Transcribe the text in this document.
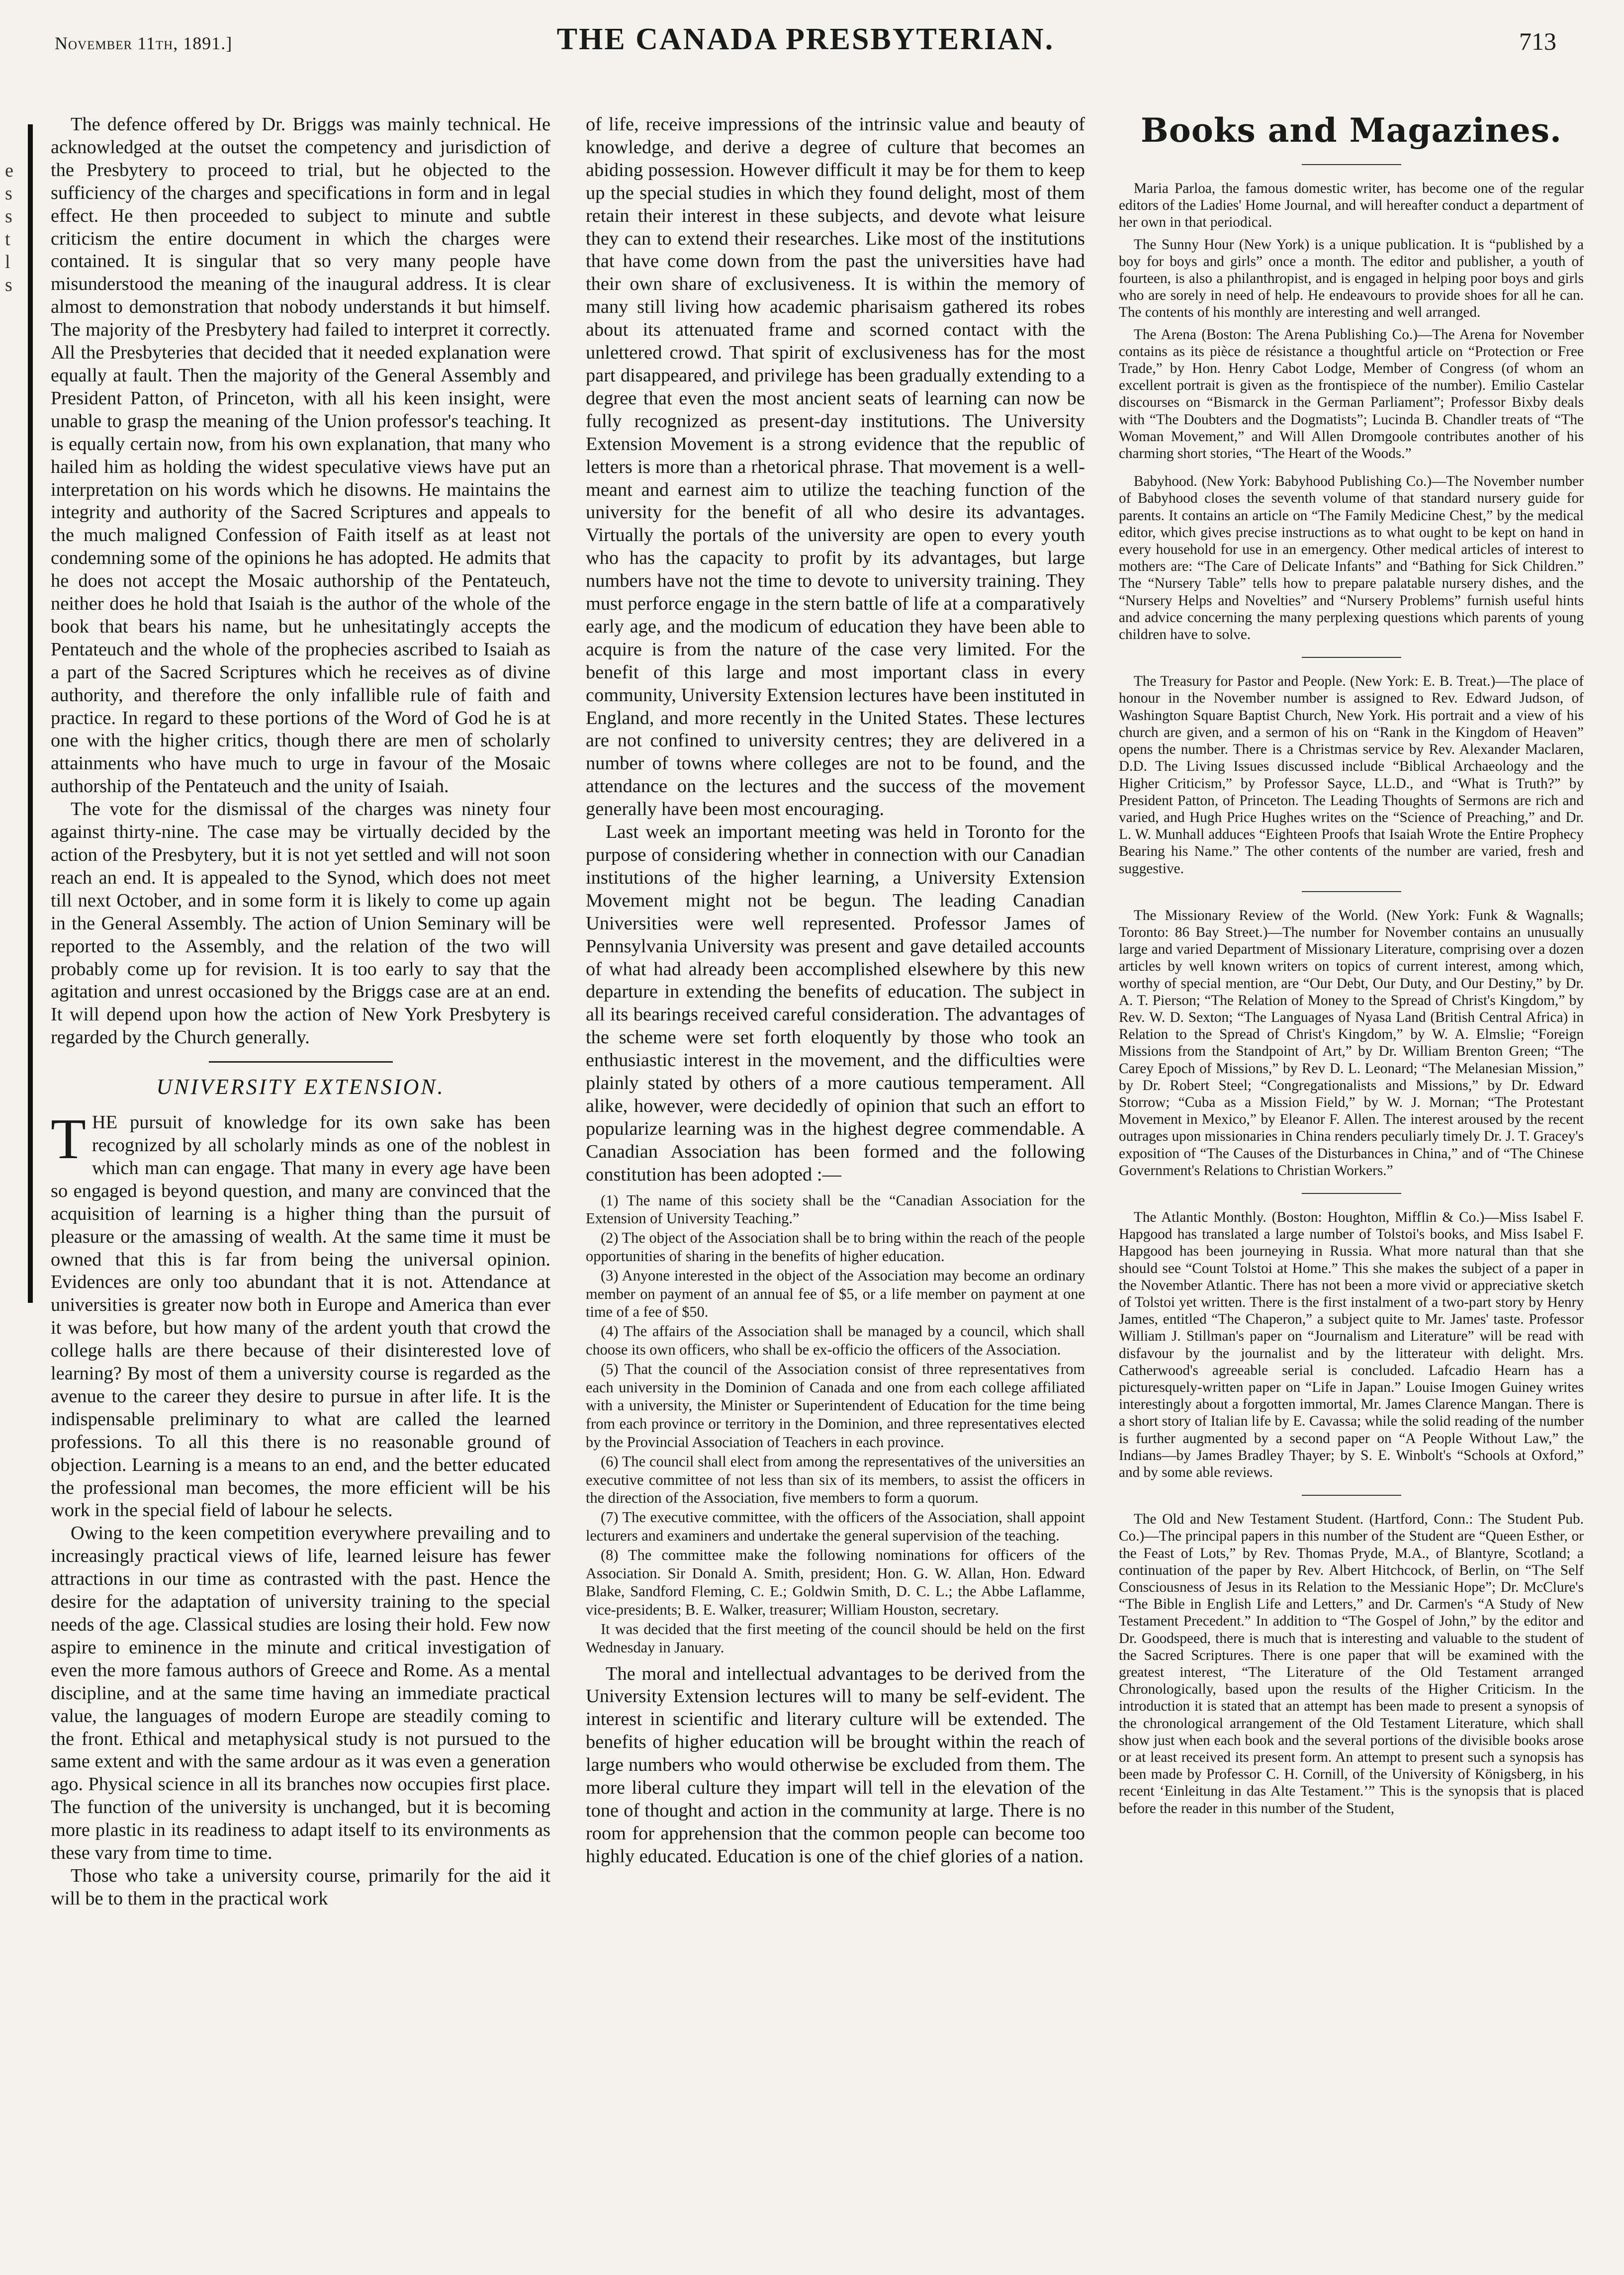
November 11th, 1891.]	THE CANADA PRESBYTERIAN.	713
e
s
s
t
l
s

The defence offered by Dr. Briggs was mainly technical. He acknowledged at the outset the competency and jurisdiction of the Presbytery to proceed to trial, but he objected to the sufficiency of the charges and specifications in form and in legal effect. He then proceeded to subject to minute and subtle criticism the entire document in which the charges were contained. It is singular that so very many people have misunderstood the meaning of the inaugural address. It is clear almost to demonstration that nobody understands it but himself. The majority of the Presbytery had failed to interpret it correctly. All the Presbyteries that decided that it needed explanation were equally at fault. Then the majority of the General Assembly and President Patton, of Princeton, with all his keen insight, were unable to grasp the meaning of the Union professor's teaching. It is equally certain now, from his own explanation, that many who hailed him as holding the widest speculative views have put an interpretation on his words which he disowns. He maintains the integrity and authority of the Sacred Scriptures and appeals to the much maligned Confession of Faith itself as at least not condemning some of the opinions he has adopted. He admits that he does not accept the Mosaic authorship of the Pentateuch, neither does he hold that Isaiah is the author of the whole of the book that bears his name, but he unhesitatingly accepts the Pentateuch and the whole of the prophecies ascribed to Isaiah as a part of the Sacred Scriptures which he receives as of divine authority, and therefore the only infallible rule of faith and practice. In regard to these portions of the Word of God he is at one with the higher critics, though there are men of scholarly attainments who have much to urge in favour of the Mosaic authorship of the Pentateuch and the unity of Isaiah.

The vote for the dismissal of the charges was ninety four against thirty-nine. The case may be virtually decided by the action of the Presbytery, but it is not yet settled and will not soon reach an end. It is appealed to the Synod, which does not meet till next October, and in some form it is likely to come up again in the General Assembly. The action of Union Seminary will be reported to the Assembly, and the relation of the two will probably come up for revision. It is too early to say that the agitation and unrest occasioned by the Briggs case are at an end. It will depend upon how the action of New York Presbytery is regarded by the Church generally.

UNIVERSITY EXTENSION.

THE pursuit of knowledge for its own sake has been recognized by all scholarly minds as one of the noblest in which man can engage. That many in every age have been so engaged is beyond question, and many are convinced that the acquisition of learning is a higher thing than the pursuit of pleasure or the amassing of wealth. At the same time it must be owned that this is far from being the universal opinion. Evidences are only too abundant that it is not. Attendance at universities is greater now both in Europe and America than ever it was before, but how many of the ardent youth that crowd the college halls are there because of their disinterested love of learning? By most of them a university course is regarded as the avenue to the career they desire to pursue in after life. It is the indispensable preliminary to what are called the learned professions. To all this there is no reasonable ground of objection. Learning is a means to an end, and the better educated the professional man becomes, the more efficient will be his work in the special field of labour he selects.

Owing to the keen competition everywhere prevailing and to increasingly practical views of life, learned leisure has fewer attractions in our time as contrasted with the past. Hence the desire for the adaptation of university training to the special needs of the age. Classical studies are losing their hold. Few now aspire to eminence in the minute and critical investigation of even the more famous authors of Greece and Rome. As a mental discipline, and at the same time having an immediate practical value, the languages of modern Europe are steadily coming to the front. Ethical and metaphysical study is not pursued to the same extent and with the same ardour as it was even a generation ago. Physical science in all its branches now occupies first place. The function of the university is unchanged, but it is becoming more plastic in its readiness to adapt itself to its environments as these vary from time to time.

Those who take a university course, primarily for the aid it will be to them in the practical work

of life, receive impressions of the intrinsic value and beauty of knowledge, and derive a degree of culture that becomes an abiding possession. However difficult it may be for them to keep up the special studies in which they found delight, most of them retain their interest in these subjects, and devote what leisure they can to extend their researches. Like most of the institutions that have come down from the past the universities have had their own share of exclusiveness. It is within the memory of many still living how academic pharisaism gathered its robes about its attenuated frame and scorned contact with the unlettered crowd. That spirit of exclusiveness has for the most part disappeared, and privilege has been gradually extending to a degree that even the most ancient seats of learning can now be fully recognized as present-day institutions. The University Extension Movement is a strong evidence that the republic of letters is more than a rhetorical phrase. That movement is a well-meant and earnest aim to utilize the teaching function of the university for the benefit of all who desire its advantages. Virtually the portals of the university are open to every youth who has the capacity to profit by its advantages, but large numbers have not the time to devote to university training. They must perforce engage in the stern battle of life at a comparatively early age, and the modicum of education they have been able to acquire is from the nature of the case very limited. For the benefit of this large and most important class in every community, University Extension lectures have been instituted in England, and more recently in the United States. These lectures are not confined to university centres; they are delivered in a number of towns where colleges are not to be found, and the attendance on the lectures and the success of the movement generally have been most encouraging.

Last week an important meeting was held in Toronto for the purpose of considering whether in connection with our Canadian institutions of the higher learning, a University Extension Movement might not be begun. The leading Canadian Universities were well represented. Professor James of Pennsylvania University was present and gave detailed accounts of what had already been accomplished elsewhere by this new departure in extending the benefits of education. The subject in all its bearings received careful consideration. The advantages of the scheme were set forth eloquently by those who took an enthusiastic interest in the movement, and the difficulties were plainly stated by others of a more cautious temperament. All alike, however, were decidedly of opinion that such an effort to popularize learning was in the highest degree commendable. A Canadian Association has been formed and the following constitution has been adopted :—

(1) The name of this society shall be the “Canadian Association for the Extension of University Teaching.”

(2) The object of the Association shall be to bring within the reach of the people opportunities of sharing in the benefits of higher education.

(3) Anyone interested in the object of the Association may become an ordinary member on payment of an annual fee of $5, or a life member on payment at one time of a fee of $50.

(4) The affairs of the Association shall be managed by a council, which shall choose its own officers, who shall be ex-officio the officers of the Association.

(5) That the council of the Association consist of three representatives from each university in the Dominion of Canada and one from each college affiliated with a university, the Minister or Superintendent of Education for the time being from each province or territory in the Dominion, and three representatives elected by the Provincial Association of Teachers in each province.

(6) The council shall elect from among the representatives of the universities an executive committee of not less than six of its members, to assist the officers in the direction of the Association, five members to form a quorum.

(7) The executive committee, with the officers of the Association, shall appoint lecturers and examiners and undertake the general supervision of the teaching.

(8) The committee make the following nominations for officers of the Association. Sir Donald A. Smith, president; Hon. G. W. Allan, Hon. Edward Blake, Sandford Fleming, C. E.; Goldwin Smith, D. C. L.; the Abbe Laflamme, vice-presidents; B. E. Walker, treasurer; William Houston, secretary.

It was decided that the first meeting of the council should be held on the first Wednesday in January.

The moral and intellectual advantages to be derived from the University Extension lectures will to many be self-evident. The interest in scientific and literary culture will be extended. The benefits of higher education will be brought within the reach of large numbers who would otherwise be excluded from them. The more liberal culture they impart will tell in the elevation of the tone of thought and action in the community at large. There is no room for apprehension that the common people can become too highly educated. Education is one of the chief glories of a nation.

Books and Magazines.

Maria Parloa, the famous domestic writer, has become one of the regular editors of the Ladies' Home Journal, and will hereafter conduct a department of her own in that periodical.

The Sunny Hour (New York) is a unique publication. It is “published by a boy for boys and girls” once a month. The editor and publisher, a youth of fourteen, is also a philanthropist, and is engaged in helping poor boys and girls who are sorely in need of help. He endeavours to provide shoes for all he can. The contents of his monthly are interesting and well arranged.

The Arena (Boston: The Arena Publishing Co.)—The Arena for November contains as its pièce de résistance a thoughtful article on “Protection or Free Trade,” by Hon. Henry Cabot Lodge, Member of Congress (of whom an excellent portrait is given as the frontispiece of the number). Emilio Castelar discourses on “Bismarck in the German Parliament”; Professor Bixby deals with “The Doubters and the Dogmatists”; Lucinda B. Chandler treats of “The Woman Movement,” and Will Allen Dromgoole contributes another of his charming short stories, “The Heart of the Woods.”

Babyhood. (New York: Babyhood Publishing Co.)—The November number of Babyhood closes the seventh volume of that standard nursery guide for parents. It contains an article on “The Family Medicine Chest,” by the medical editor, which gives precise instructions as to what ought to be kept on hand in every household for use in an emergency. Other medical articles of interest to mothers are: “The Care of Delicate Infants” and “Bathing for Sick Children.” The “Nursery Table” tells how to prepare palatable nursery dishes, and the “Nursery Helps and Novelties” and “Nursery Problems” furnish useful hints and advice concerning the many perplexing questions which parents of young children have to solve.

The Treasury for Pastor and People. (New York: E. B. Treat.)—The place of honour in the November number is assigned to Rev. Edward Judson, of Washington Square Baptist Church, New York. His portrait and a view of his church are given, and a sermon of his on “Rank in the Kingdom of Heaven” opens the number. There is a Christmas service by Rev. Alexander Maclaren, D.D. The Living Issues discussed include “Biblical Archaeology and the Higher Criticism,” by Professor Sayce, LL.D., and “What is Truth?” by President Patton, of Princeton. The Leading Thoughts of Sermons are rich and varied, and Hugh Price Hughes writes on the “Science of Preaching,” and Dr. L. W. Munhall adduces “Eighteen Proofs that Isaiah Wrote the Entire Prophecy Bearing his Name.” The other contents of the number are varied, fresh and suggestive.

The Missionary Review of the World. (New York: Funk & Wagnalls; Toronto: 86 Bay Street.)—The number for November contains an unusually large and varied Department of Missionary Literature, comprising over a dozen articles by well known writers on topics of current interest, among which, worthy of special mention, are “Our Debt, Our Duty, and Our Destiny,” by Dr. A. T. Pierson; “The Relation of Money to the Spread of Christ's Kingdom,” by Rev. W. D. Sexton; “The Languages of Nyasa Land (British Central Africa) in Relation to the Spread of Christ's Kingdom,” by W. A. Elmslie; “Foreign Missions from the Standpoint of Art,” by Dr. William Brenton Green; “The Carey Epoch of Missions,” by Rev D. L. Leonard; “The Melanesian Mission,” by Dr. Robert Steel; “Congregationalists and Missions,” by Dr. Edward Storrow; “Cuba as a Mission Field,” by W. J. Mornan; “The Protestant Movement in Mexico,” by Eleanor F. Allen. The interest aroused by the recent outrages upon missionaries in China renders peculiarly timely Dr. J. T. Gracey's exposition of “The Causes of the Disturbances in China,” and of “The Chinese Government's Relations to Christian Workers.”

The Atlantic Monthly. (Boston: Houghton, Mifflin & Co.)—Miss Isabel F. Hapgood has translated a large number of Tolstoi's books, and Miss Isabel F. Hapgood has been journeying in Russia. What more natural than that she should see “Count Tolstoi at Home.” This she makes the subject of a paper in the November Atlantic. There has not been a more vivid or appreciative sketch of Tolstoi yet written. There is the first instalment of a two-part story by Henry James, entitled “The Chaperon,” a subject quite to Mr. James' taste. Professor William J. Stillman's paper on “Journalism and Literature” will be read with disfavour by the journalist and by the litterateur with delight. Mrs. Catherwood's agreeable serial is concluded. Lafcadio Hearn has a picturesquely-written paper on “Life in Japan.” Louise Imogen Guiney writes interestingly about a forgotten immortal, Mr. James Clarence Mangan. There is a short story of Italian life by E. Cavassa; while the solid reading of the number is further augmented by a second paper on “A People Without Law,” the Indians—by James Bradley Thayer; by S. E. Winbolt's “Schools at Oxford,” and by some able reviews.

The Old and New Testament Student. (Hartford, Conn.: The Student Pub. Co.)—The principal papers in this number of the Student are “Queen Esther, or the Feast of Lots,” by Rev. Thomas Pryde, M.A., of Blantyre, Scotland; a continuation of the paper by Rev. Albert Hitchcock, of Berlin, on “The Self Consciousness of Jesus in its Relation to the Messianic Hope”; Dr. McClure's “The Bible in English Life and Letters,” and Dr. Carmen's “A Study of New Testament Precedent.” In addition to “The Gospel of John,” by the editor and Dr. Goodspeed, there is much that is interesting and valuable to the student of the Sacred Scriptures. There is one paper that will be examined with the greatest interest, “The Literature of the Old Testament arranged Chronologically, based upon the results of the Higher Criticism. In the introduction it is stated that an attempt has been made to present a synopsis of the chronological arrangement of the Old Testament Literature, which shall show just when each book and the several portions of the divisible books arose or at least received its present form. An attempt to present such a synopsis has been made by Professor C. H. Cornill, of the University of Königsberg, in his recent ‘Einleitung in das Alte Testament.’” This is the synopsis that is placed before the reader in this number of the Student,
